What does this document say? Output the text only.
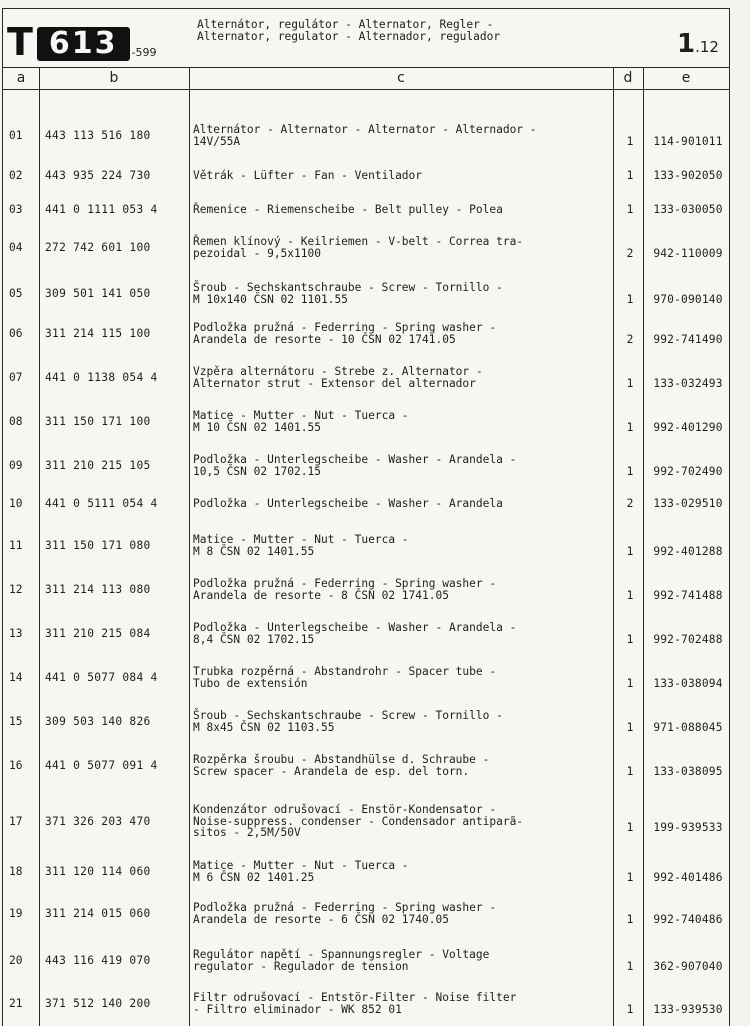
T 613	-599
Alternátor, regulátor - Alternator, Regler -
Alternator, regulator - Alternador, regulador	1.12
a	b	c	d	e
01 443 113 516 180	Alternátor - Alternator - Alternator - Alternador -
14V/55A	1	114-901011
02 443 935 224 730	Větrák - Lüfter - Fan - Ventilador	1	133-902050
03 441 0 1111 053 4	Řemenice - Riemenscheibe - Belt pulley - Polea	1	133-030050
04 272 742 601 100	Řemen klínový - Keilriemen - V-belt - Correa tra-
pezoidal - 9,5x1100	2	942-110009
05 309 501 141 050	Šroub - Sechskantschraube - Screw - Tornillo -
M 10x140 ČSN 02 1101.55	1	970-090140
06 311 214 115 100	Podložka pružná - Federring - Spring washer -
Arandela de resorte - 10 ČSN 02 1741.05	2	992-741490
07 441 0 1138 054 4	Vzpěra alternátoru - Strebe z. Alternator -
Alternator strut - Extensor del alternador	1	133-032493
08 311 150 171 100	Matice - Mutter - Nut - Tuerca -
M 10 ČSN 02 1401.55	1	992-401290
09 311 210 215 105	Podložka - Unterlegscheibe - Washer - Arandela -
10,5 ČSN 02 1702.15	1	992-702490
10 441 0 5111 054 4	Podložka - Unterlegscheibe - Washer - Arandela	2	133-029510
11 311 150 171 080	Matice - Mutter - Nut - Tuerca -
M 8 ČSN 02 1401.55	1	992-401288
12 311 214 113 080	Podložka pružná - Federring - Spring washer -
Arandela de resorte - 8 ČSN 02 1741.05	1	992-741488
13 311 210 215 084	Podložka - Unterlegscheibe - Washer - Arandela -
8,4 ČSN 02 1702.15	1	992-702488
14 441 0 5077 084 4	Trubka rozpěrná - Abstandrohr - Spacer tube -
Tubo de extensión	1	133-038094
15 309 503 140 826	Šroub - Sechskantschraube - Screw - Tornillo -
M 8x45 ČSN 02 1103.55	1	971-088045
16 441 0 5077 091 4	Rozpěrka šroubu - Abstandhülse d. Schraube -
Screw spacer - Arandela de esp. del torn.	1	133-038095
17 371 326 203 470
Kondenzátor odrušovací - Enstör-Kondensator -
Noise-suppress. condenser - Condensador antiparã-
sitos - 2,5M/50V	1	199-939533
18 311 120 114 060	Matice - Mutter - Nut - Tuerca -
M 6 ČSN 02 1401.25	1	992-401486
19 311 214 015 060	Podložka pružná - Federring - Spring washer -
Arandela de resorte - 6 ČSN 02 1740.05	1	992-740486
20 443 116 419 070	Regulátor napětí - Spannungsregler - Voltage
regulator - Regulador de tension	1	362-907040
21 371 512 140 200	Filtr odrušovací - Entstör-Filter - Noise filter
- Filtro eliminador - WK 852 01	1	133-939530
